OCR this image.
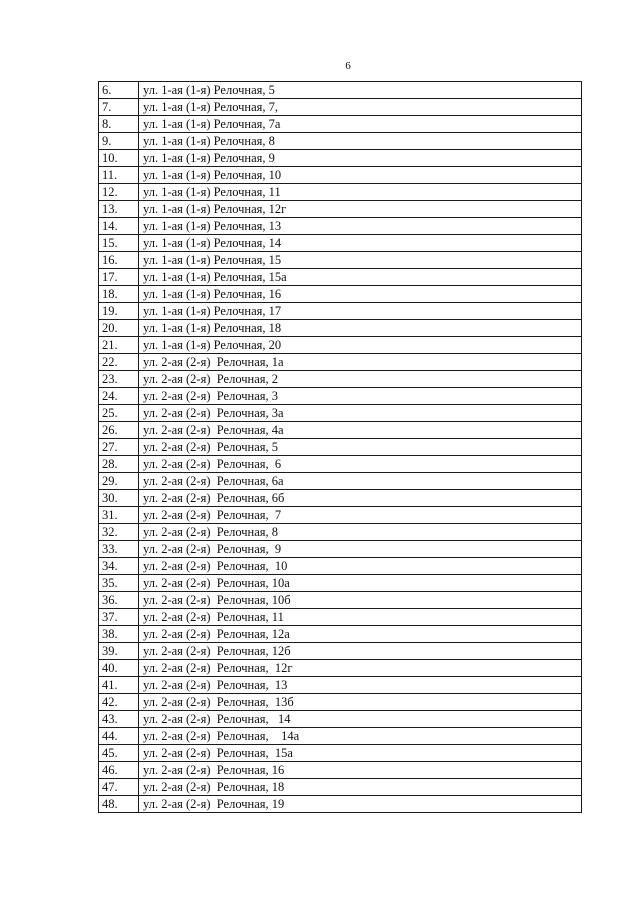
6
6.	ул. 1-ая (1-я) Релочная, 5
7.	ул. 1-ая (1-я) Релочная, 7,
8.	ул. 1-ая (1-я) Релочная, 7а
9.	ул. 1-ая (1-я) Релочная, 8
10.	ул. 1-ая (1-я) Релочная, 9
11.	ул. 1-ая (1-я) Релочная, 10
12.	ул. 1-ая (1-я) Релочная, 11
13.	ул. 1-ая (1-я) Релочная, 12г
14.	ул. 1-ая (1-я) Релочная, 13
15.	ул. 1-ая (1-я) Релочная, 14
16.	ул. 1-ая (1-я) Релочная, 15
17.	ул. 1-ая (1-я) Релочная, 15а
18.	ул. 1-ая (1-я) Релочная, 16
19.	ул. 1-ая (1-я) Релочная, 17
20.	ул. 1-ая (1-я) Релочная, 18
21.	ул. 1-ая (1-я) Релочная, 20
22.	ул. 2-ая (2-я)  Релочная, 1а
23.	ул. 2-ая (2-я)  Релочная, 2
24.	ул. 2-ая (2-я)  Релочная, 3
25.	ул. 2-ая (2-я)  Релочная, 3а
26.	ул. 2-ая (2-я)  Релочная, 4а
27.	ул. 2-ая (2-я)  Релочная, 5
28.	ул. 2-ая (2-я)  Релочная,  6
29.	ул. 2-ая (2-я)  Релочная, 6а
30.	ул. 2-ая (2-я)  Релочная, 6б
31.	ул. 2-ая (2-я)  Релочная,  7
32.	ул. 2-ая (2-я)  Релочная, 8
33.	ул. 2-ая (2-я)  Релочная,  9
34.	ул. 2-ая (2-я)  Релочная,  10
35.	ул. 2-ая (2-я)  Релочная, 10а
36.	ул. 2-ая (2-я)  Релочная, 10б
37.	ул. 2-ая (2-я)  Релочная, 11
38.	ул. 2-ая (2-я)  Релочная, 12а
39.	ул. 2-ая (2-я)  Релочная, 12б
40.	ул. 2-ая (2-я)  Релочная,  12г
41.	ул. 2-ая (2-я)  Релочная,  13
42.	ул. 2-ая (2-я)  Релочная,  13б
43.	ул. 2-ая (2-я)  Релочная,   14
44.	ул. 2-ая (2-я)  Релочная,    14а
45.	ул. 2-ая (2-я)  Релочная,  15а
46.	ул. 2-ая (2-я)  Релочная, 16
47.	ул. 2-ая (2-я)  Релочная, 18
48.	ул. 2-ая (2-я)  Релочная, 19
